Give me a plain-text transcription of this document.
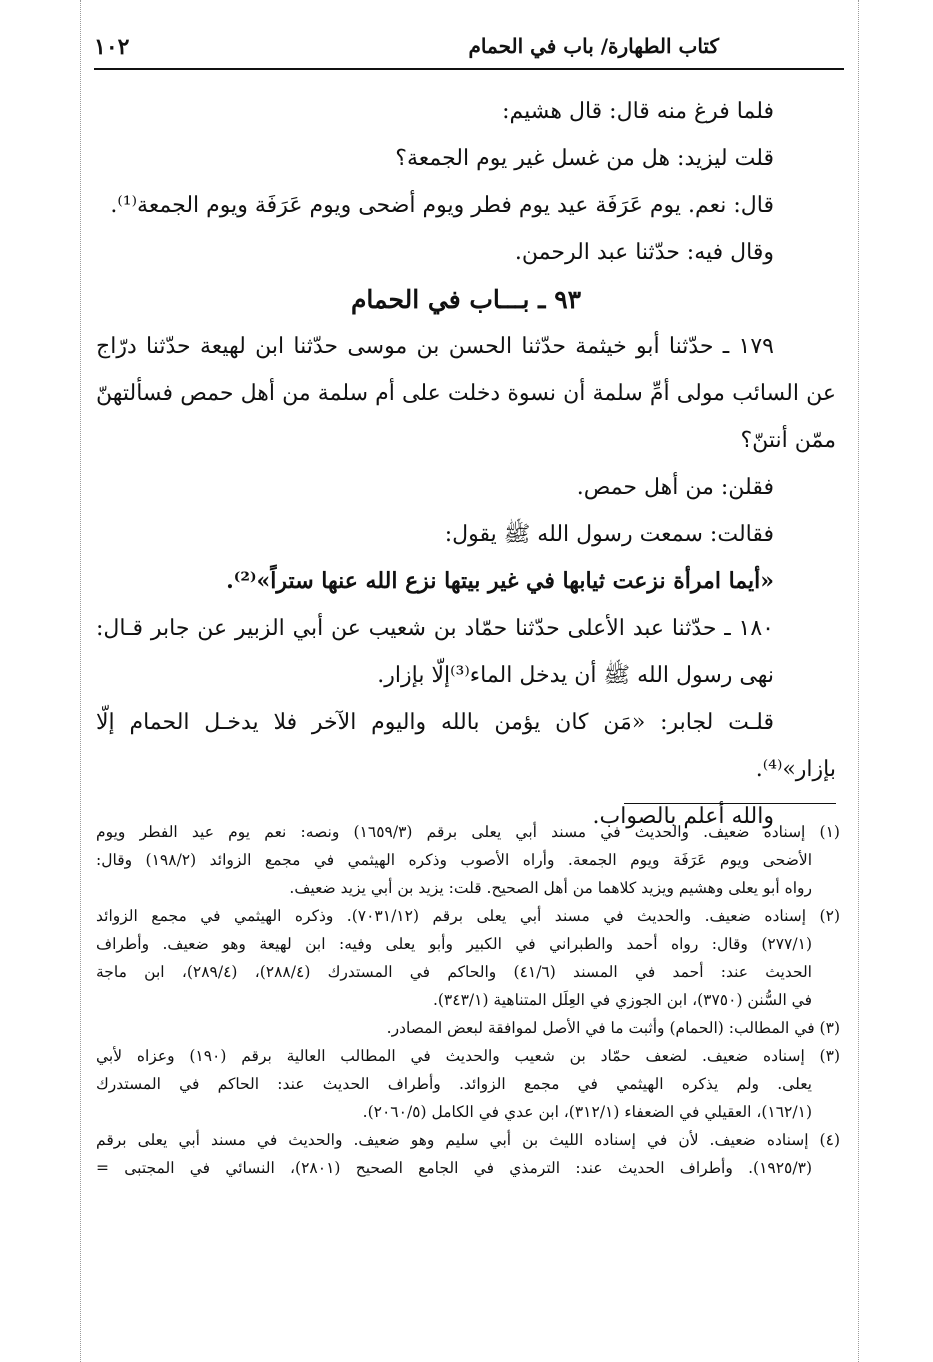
كتاب الطهارة/ باب في الحمام
١٠٢
فلما فرغ منه قال: قال هشيم:
قلت ليزيد: هل من غسل غير يوم الجمعة؟
قال: نعم. يوم عَرَفَة عيد يوم فطر ويوم أضحى ويوم عَرَفَة ويوم الجمعة⁽¹⁾.
وقال فيه: حدّثنا عبد الرحمن.
٩٣ ـ بـــاب في الحمام
١٧٩ ـ حدّثنا أبو خيثمة حدّثنا الحسن بن موسى حدّثنا ابن لهيعة حدّثنا درّاج
عن السائب مولى أمِّ سلمة أن نسوة دخلت على أم سلمة من أهل حمص فسألتهنّ
ممّن أنتنّ؟
فقلن: من أهل حمص.
فقالت: سمعت رسول الله ﷺ يقول:
«أيما امرأة نزعت ثيابها في غير بيتها نزع الله عنها ستراً»⁽²⁾.
١٨٠ ـ حدّثنا عبد الأعلى حدّثنا حمّاد بن شعيب عن أبي الزبير عن جابر قـال:
نهى رسول الله ﷺ أن يدخل الماء⁽³⁾إلّا بإزار.
قلـت لجابر: «مَن كان يؤمن بالله واليوم الآخر فلا يدخـل الحمام إلّا
بإزار»⁽⁴⁾.
والله أعلم بالصواب.
(١) إسناده ضعيف. والحديث في مسند أبي يعلى برقم (١٦٥٩/٣) ونصه: نعم يوم عيد الفطر ويوم
الأضحى ويوم عَرَفَة ويوم الجمعة. وأراه الأصوب وذكره الهيثمي في مجمع الزوائد (١٩٨/٢) وقال:
رواه أبو يعلى وهشيم ويزيد كلاهما من أهل الصحيح. قلت: يزيد بن أبي يزيد ضعيف.
(٢) إسناده ضعيف. والحديث في مسند أبي يعلى برقم (٧٠٣١/١٢). وذكره الهيثمي في مجمع الزوائد
(٢٧٧/١) وقال: رواه أحمد والطبراني في الكبير وأبو يعلى وفيه: ابن لهيعة وهو ضعيف. وأطراف
الحديث عند: أحمد في المسند (٤١/٦) والحاكم في المستدرك (٢٨٨/٤)، (٢٨٩/٤)، ابن ماجة
في السُّنن (٣٧٥٠)، ابن الجوزي في العِلَل المتناهية (٣٤٣/١).
(٣) في المطالب: (الحمام) وأثبت ما في الأصل لموافقة لبعض المصادر.
(٣) إسناده ضعيف. لضعف حمّاد بن شعيب والحديث في المطالب العالية برقم (١٩٠) وعزاه لأبي
يعلى. ولم يذكره الهيثمي في مجمع الزوائد. وأطراف الحديث عند: الحاكم في المستدرك
(١٦٢/١)، العقيلي في الضعفاء (٣١٢/١)، ابن عدي في الكامل (٢٠٦٠/٥).
(٤) إسناده ضعيف. لأن في إسناده الليث بن أبي سليم وهو ضعيف. والحديث في مسند أبي يعلى برقم
(١٩٢٥/٣). وأطراف الحديث عند: الترمذي في الجامع الصحيح (٢٨٠١)، النسائي في المجتبى =
